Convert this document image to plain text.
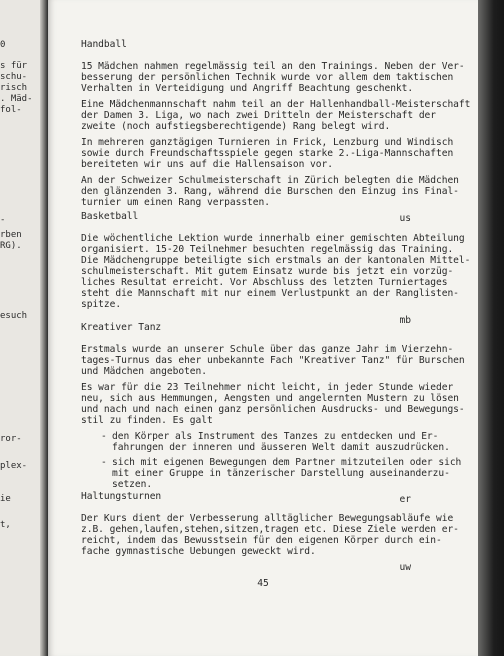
0
s für
schu-
risch
. Mäd-
fol-
-
rben
RG).
esuch
ror-
plex-
ie
t,
Handball
15 Mädchen nahmen regelmässig teil an den Trainings. Neben der Ver-
besserung der persönlichen Technik wurde vor allem dem taktischen
Verhalten in Verteidigung und Angriff Beachtung geschenkt.
Eine Mädchenmannschaft nahm teil an der Hallenhandball-Meisterschaft
der Damen 3. Liga, wo nach zwei Dritteln der Meisterschaft der
zweite (noch aufstiegsberechtigende) Rang belegt wird.
In mehreren ganztägigen Turnieren in Frick, Lenzburg und Windisch
sowie durch Freundschaftsspiele gegen starke 2.-Liga-Mannschaften
bereiteten wir uns auf die Hallensaison vor.
An der Schweizer Schulmeisterschaft in Zürich belegten die Mädchen
den glänzenden 3. Rang, während die Burschen den Einzug ins Final-
turnier um einen Rang verpassten.
us
Basketball
Die wöchentliche Lektion wurde innerhalb einer gemischten Abteilung
organisiert. 15-20 Teilnehmer besuchten regelmässig das Training.
Die Mädchengruppe beteiligte sich erstmals an der kantonalen Mittel-
schulmeisterschaft. Mit gutem Einsatz wurde bis jetzt ein vorzüg-
liches Resultat erreicht. Vor Abschluss des letzten Turniertages
steht die Mannschaft mit nur einem Verlustpunkt an der Ranglisten-
spitze.
mb
Kreativer Tanz
Erstmals wurde an unserer Schule über das ganze Jahr im Vierzehn-
tages-Turnus das eher unbekannte Fach "Kreativer Tanz" für Burschen
und Mädchen angeboten.
Es war für die 23 Teilnehmer nicht leicht, in jeder Stunde wieder
neu, sich aus Hemmungen, Aengsten und angelernten Mustern zu lösen
und nach und nach einen ganz persönlichen Ausdrucks- und Bewegungs-
stil zu finden. Es galt
- den Körper als Instrument des Tanzes zu entdecken und Er-
fahrungen der inneren und äusseren Welt damit auszudrücken.
- sich mit eigenen Bewegungen dem Partner mitzuteilen oder sich
mit einer Gruppe in tänzerischer Darstellung auseinanderzu-
setzen.
er
Haltungsturnen
Der Kurs dient der Verbesserung alltäglicher Bewegungsabläufe wie
z.B. gehen,laufen,stehen,sitzen,tragen etc. Diese Ziele werden er-
reicht, indem das Bewusstsein für den eigenen Körper durch ein-
fache gymnastische Uebungen geweckt wird.
uw
45
